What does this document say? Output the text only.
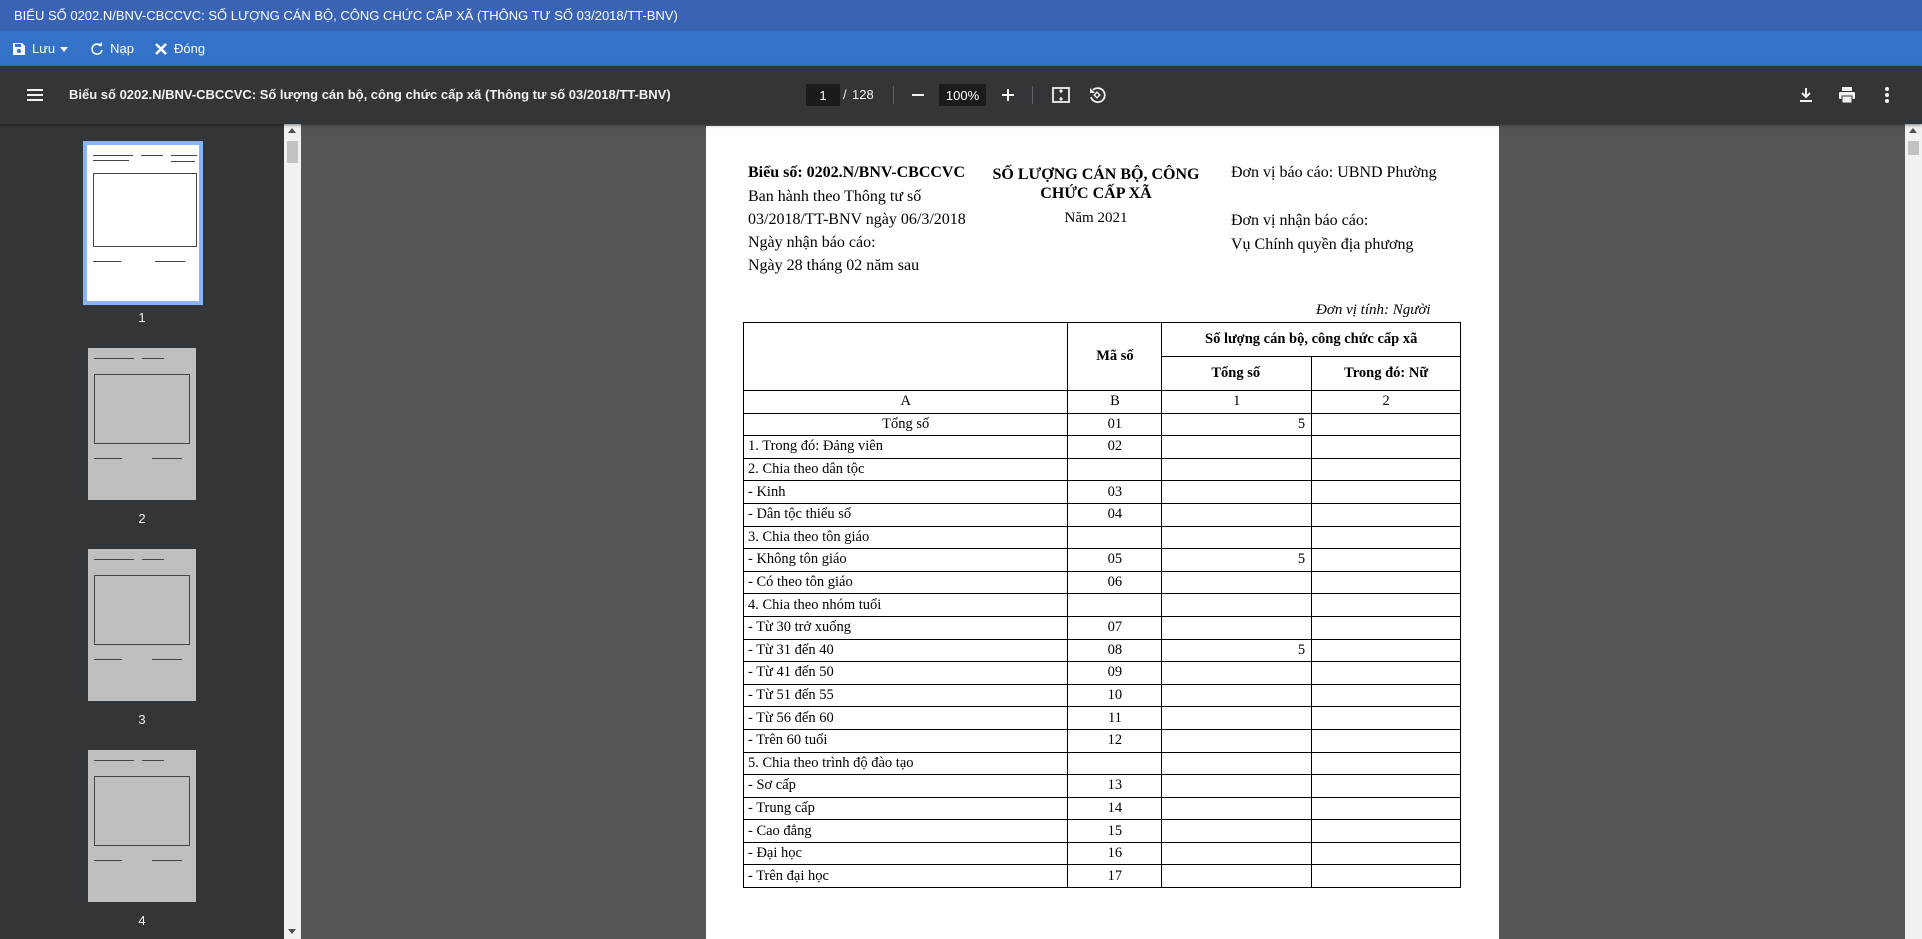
BIỂU SỐ 0202.N/BNV-CBCCVC: SỐ LƯỢNG CÁN BỘ, CÔNG CHỨC CẤP XÃ (THÔNG TƯ SỐ 03/2018/TT-BNV)
Lưu	Nạp	Đóng
Biểu số 0202.N/BNV-CBCCVC: Số lượng cán bộ, công chức cấp xã (Thông tư số 03/2018/TT-BNV)
1	/ 128
100%
1
2
3
4
Biểu số: 0202.N/BNV-CBCCVC
Ban hành theo Thông tư số
03/2018/TT-BNV ngày 06/3/2018
Ngày nhận báo cáo:
Ngày 28 tháng 02 năm sau
SỐ LƯỢNG CÁN BỘ, CÔNG
CHỨC CẤP XÃ
Năm 2021
Đơn vị báo cáo: UBND Phường
Đơn vị nhận báo cáo:
Vụ Chính quyền địa phương
Đơn vị tính: Người
	Mã số	Số lượng cán bộ, công chức cấp xã	
		Tổng số	Trong đó: Nữ
A	B	1	2
Tổng số	01	5	
1. Trong đó: Đảng viên	02		
2. Chia theo dân tộc			
- Kinh	03		
- Dân tộc thiểu số	04		
3. Chia theo tôn giáo			
- Không tôn giáo	05	5	
- Có theo tôn giáo	06		
4. Chia theo nhóm tuổi			
- Từ 30 trở xuống	07		
- Từ 31 đến 40	08	5	
- Từ 41 đến 50	09		
- Từ 51 đến 55	10		
- Từ 56 đến 60	11		
- Trên 60 tuổi	12		
5. Chia theo trình độ đào tạo			
- Sơ cấp	13		
- Trung cấp	14		
- Cao đẳng	15		
- Đại học	16		
- Trên đại học	17		
